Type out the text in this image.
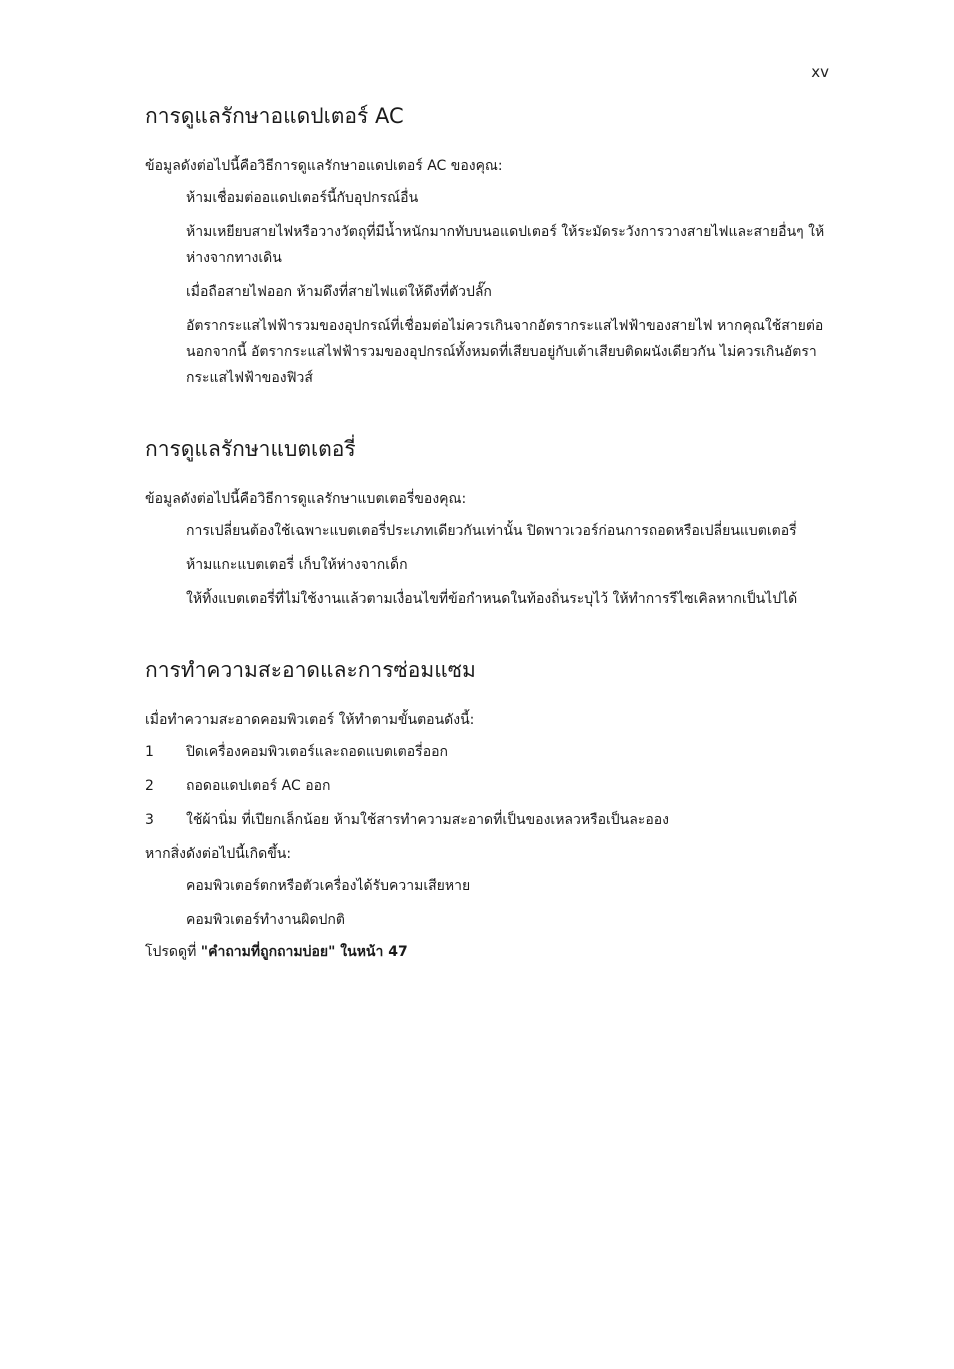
xv
การดูแลรักษาอแดปเตอร์ AC

ข้อมูลดังต่อไปนี้คือวิธีการดูแลรักษาอแดปเตอร์ AC ของคุณ:

ห้ามเชื่อมต่ออแดปเตอร์นี้กับอุปกรณ์อื่น
ห้ามเหยียบสายไฟหรือวางวัตถุที่มีน้ำหนักมากทับบนอแดปเตอร์ ให้ระมัดระวังการวางสายไฟและสายอื่นๆ ให้ห่างจากทางเดิน
เมื่อถือสายไฟออก ห้ามดึงที่สายไฟแต่ให้ดึงที่ตัวปลั๊ก
อัตรากระแสไฟฟ้ารวมของอุปกรณ์ที่เชื่อมต่อไม่ควรเกินจากอัตรากระแสไฟฟ้าของสายไฟ หากคุณใช้สายต่อ นอกจากนี้ อัตรากระแสไฟฟ้ารวมของอุปกรณ์ทั้งหมดที่เสียบอยู่กับเต้าเสียบติดผนังเดียวกัน ไม่ควรเกินอัตรากระแสไฟฟ้าของฟิวส์
การดูแลรักษาแบตเตอรี่

ข้อมูลดังต่อไปนี้คือวิธีการดูแลรักษาแบตเตอรี่ของคุณ:

การเปลี่ยนต้องใช้เฉพาะแบตเตอรี่ประเภทเดียวกันเท่านั้น ปิดพาวเวอร์ก่อนการถอดหรือเปลี่ยนแบตเตอรี่
ห้ามแกะแบตเตอรี่ เก็บให้ห่างจากเด็ก
ให้ทิ้งแบตเตอรี่ที่ไม่ใช้งานแล้วตามเงื่อนไขที่ข้อกำหนดในท้องถิ่นระบุไว้ ให้ทำการรีไซเคิลหากเป็นไปได้
การทำความสะอาดและการซ่อมแซม

เมื่อทำความสะอาดคอมพิวเตอร์ ให้ทำตามขั้นตอนดังนี้:

1	ปิดเครื่องคอมพิวเตอร์และถอดแบตเตอรี่ออก
2	ถอดอแดปเตอร์ AC ออก
3	ใช้ผ้านิ่ม ที่เปียกเล็กน้อย ห้ามใช้สารทำความสะอาดที่เป็นของเหลวหรือเป็นละออง

หากสิ่งดังต่อไปนี้เกิดขึ้น:

คอมพิวเตอร์ตกหรือตัวเครื่องได้รับความเสียหาย
คอมพิวเตอร์ทำงานผิดปกติ

โปรดดูที่ "คำถามที่ถูกถามบ่อย" ในหน้า 47
